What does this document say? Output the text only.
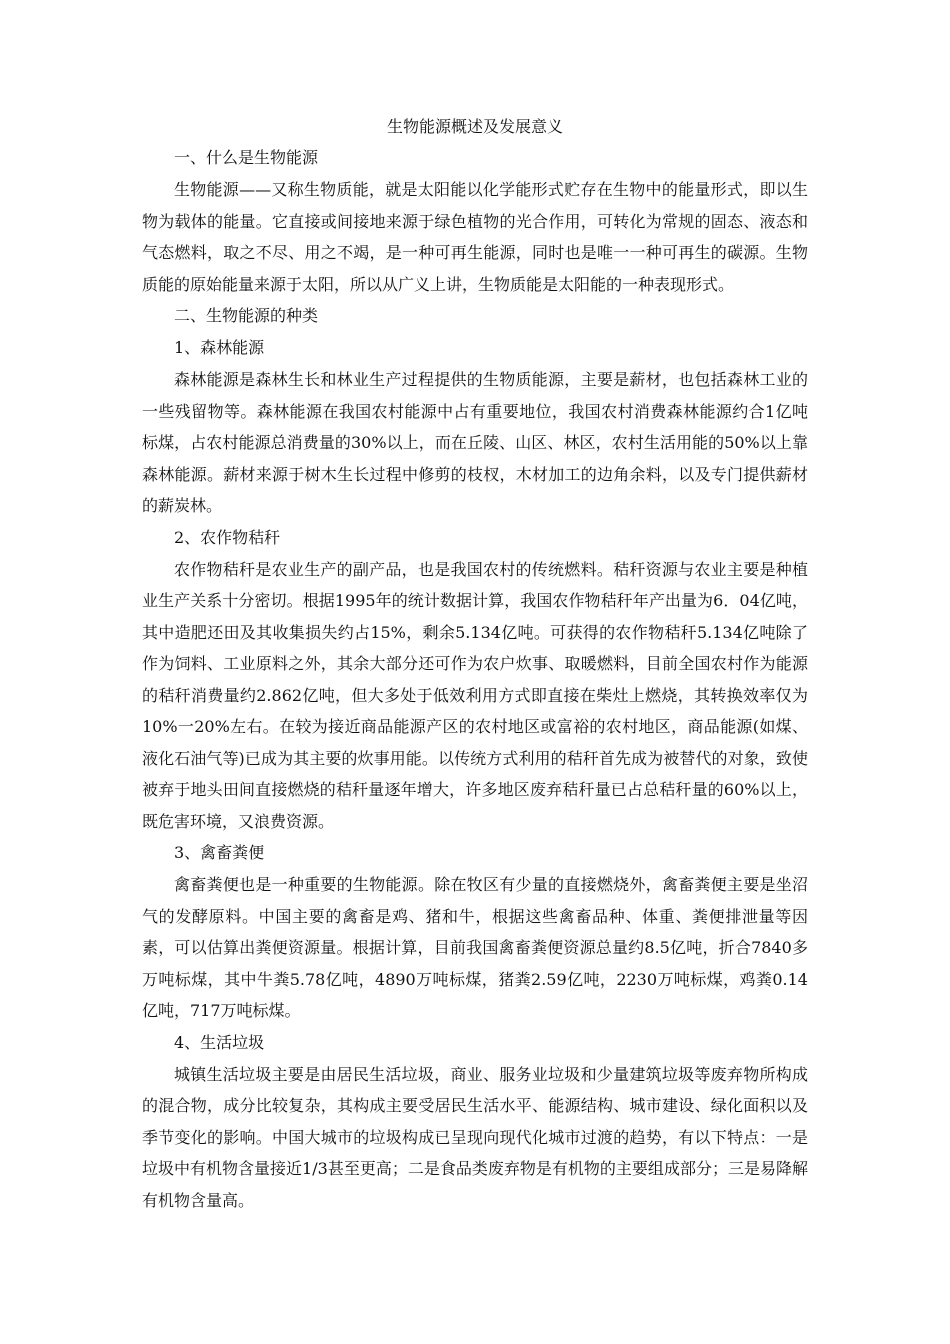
生物能源概述及发展意义

一、什么是生物能源

生物能源——又称生物质能，就是太阳能以化学能形式贮存在生物中的能量形式，即以生物为载体的能量。它直接或间接地来源于绿色植物的光合作用，可转化为常规的固态、液态和气态燃料，取之不尽、用之不竭，是一种可再生能源，同时也是唯一一种可再生的碳源。生物质能的原始能量来源于太阳，所以从广义上讲，生物质能是太阳能的一种表现形式。

二、生物能源的种类

1、森林能源

森林能源是森林生长和林业生产过程提供的生物质能源，主要是薪材，也包括森林工业的一些残留物等。森林能源在我国农村能源中占有重要地位，我国农村消费森林能源约合1亿吨标煤，占农村能源总消费量的30%以上，而在丘陵、山区、林区，农村生活用能的50%以上靠森林能源。薪材来源于树木生长过程中修剪的枝杈，木材加工的边角余料，以及专门提供薪材的薪炭林。

2、农作物秸秆

农作物秸秆是农业生产的副产品，也是我国农村的传统燃料。秸秆资源与农业主要是种植业生产关系十分密切。根据1995年的统计数据计算，我国农作物秸秆年产出量为6．04亿吨，其中造肥还田及其收集损失约占15%，剩余5.134亿吨。可获得的农作物秸秆5.134亿吨除了作为饲料、工业原料之外，其余大部分还可作为农户炊事、取暖燃料，目前全国农村作为能源的秸秆消费量约2.862亿吨，但大多处于低效利用方式即直接在柴灶上燃烧，其转换效率仅为10%一20%左右。在较为接近商品能源产区的农村地区或富裕的农村地区，商品能源(如煤、液化石油气等)已成为其主要的炊事用能。以传统方式利用的秸秆首先成为被替代的对象，致使被弃于地头田间直接燃烧的秸秆量逐年增大，许多地区废弃秸秆量已占总秸秆量的60%以上，既危害环境，又浪费资源。

3、禽畜粪便

禽畜粪便也是一种重要的生物能源。除在牧区有少量的直接燃烧外，禽畜粪便主要是坐沼气的发酵原料。中国主要的禽畜是鸡、猪和牛，根据这些禽畜品种、体重、粪便排泄量等因素，可以估算出粪便资源量。根据计算，目前我国禽畜粪便资源总量约8.5亿吨，折合7840多万吨标煤，其中牛粪5.78亿吨，4890万吨标煤，猪粪2.59亿吨，2230万吨标煤，鸡粪0.14亿吨，717万吨标煤。

4、生活垃圾

城镇生活垃圾主要是由居民生活垃圾，商业、服务业垃圾和少量建筑垃圾等废弃物所构成的混合物，成分比较复杂，其构成主要受居民生活水平、能源结构、城市建设、绿化面积以及季节变化的影响。中国大城市的垃圾构成已呈现向现代化城市过渡的趋势，有以下特点：一是垃圾中有机物含量接近1/3甚至更高；二是食品类废弃物是有机物的主要组成部分；三是易降解有机物含量高。
